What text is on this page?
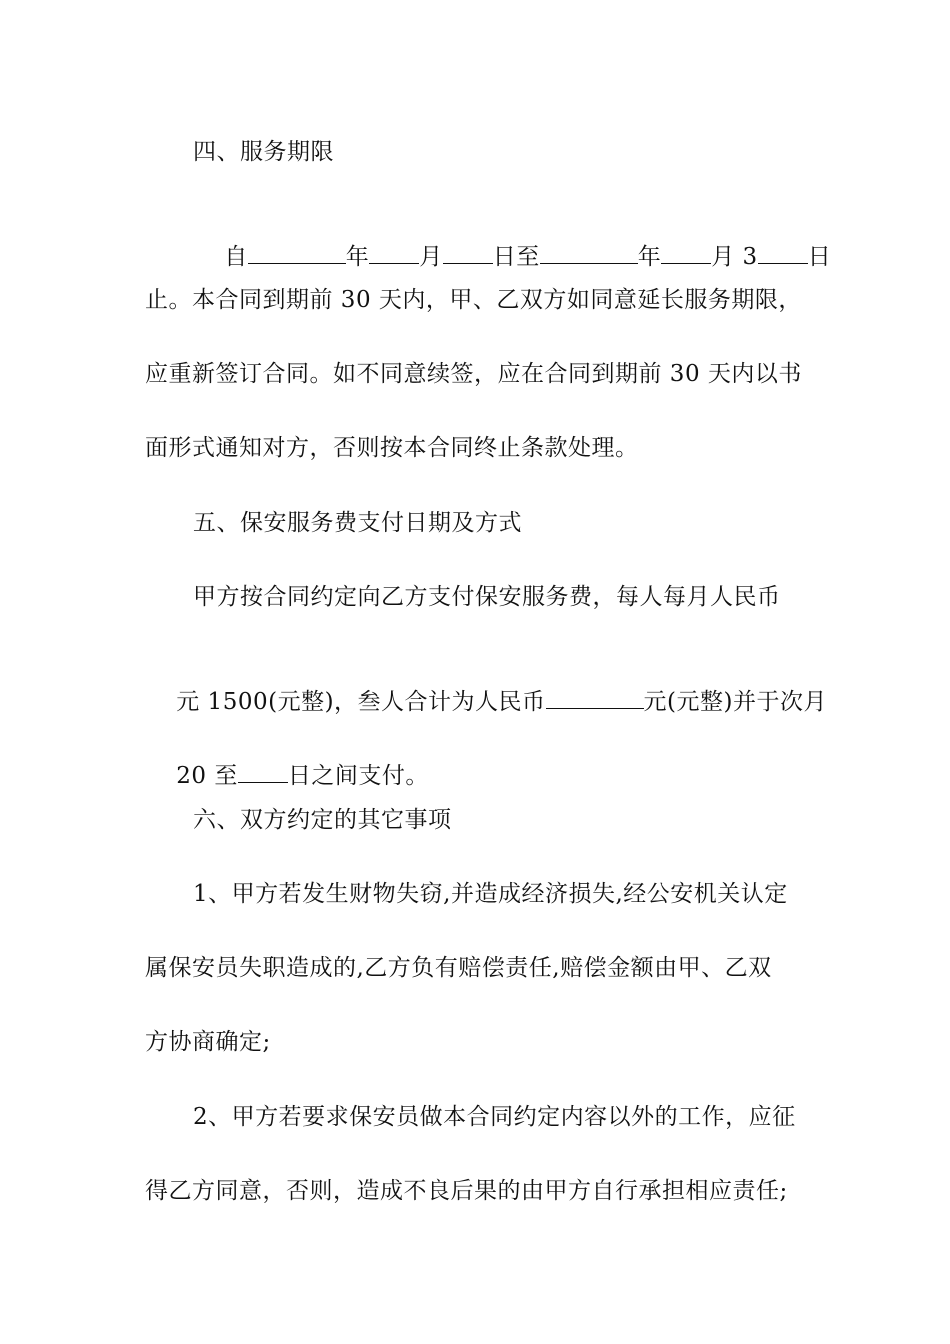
四、服务期限

自	年 月 日至	年 月 3 日

止。本合同到期前 30 天内，甲、乙双方如同意延长服务期限，
应重新签订合同。如不同意续签，应在合同到期前 30 天内以书
面形式通知对方，否则按本合同终止条款处理。
五、保安服务费支付日期及方式
甲方按合同约定向乙方支付保安服务费，每人每月人民币

元 1500(元整)，叁人合计为人民币	元(元整)并于次月

20 至 日之间支付。

六、双方约定的其它事项
1、甲方若发生财物失窃,并造成经济损失,经公安机关认定
属保安员失职造成的,乙方负有赔偿责任,赔偿金额由甲、乙双
方协商确定;
2、甲方若要求保安员做本合同约定内容以外的工作，应征
得乙方同意，否则，造成不良后果的由甲方自行承担相应责任;
